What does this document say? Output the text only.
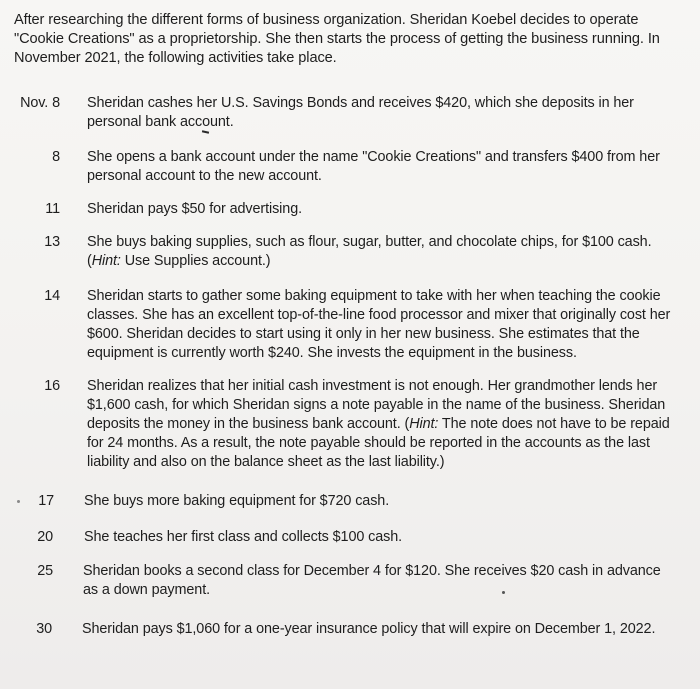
After researching the different forms of business organization. Sheridan Koebel decides to operate "Cookie Creations" as a proprietorship. She then starts the process of getting the business running. In November 2021, the following activities take place.

Nov. 8 Sheridan cashes her U.S. Savings Bonds and receives $420, which she deposits in her personal bank account.
8 She opens a bank account under the name "Cookie Creations" and transfers $400 from her personal account to the new account.
11 Sheridan pays $50 for advertising.
13 She buys baking supplies, such as flour, sugar, butter, and chocolate chips, for $100 cash. (Hint: Use Supplies account.)
14 Sheridan starts to gather some baking equipment to take with her when teaching the cookie classes. She has an excellent top-of-the-line food processor and mixer that originally cost her $600. Sheridan decides to start using it only in her new business. She estimates that the equipment is currently worth $240. She invests the equipment in the business.
16 Sheridan realizes that her initial cash investment is not enough. Her grandmother lends her $1,600 cash, for which Sheridan signs a note payable in the name of the business. Sheridan deposits the money in the business bank account. (Hint: The note does not have to be repaid for 24 months. As a result, the note payable should be reported in the accounts as the last liability and also on the balance sheet as the last liability.)
17 She buys more baking equipment for $720 cash.
20 She teaches her first class and collects $100 cash.
25 Sheridan books a second class for December 4 for $120. She receives $20 cash in advance as a down payment.
30 Sheridan pays $1,060 for a one-year insurance policy that will expire on December 1, 2022.
